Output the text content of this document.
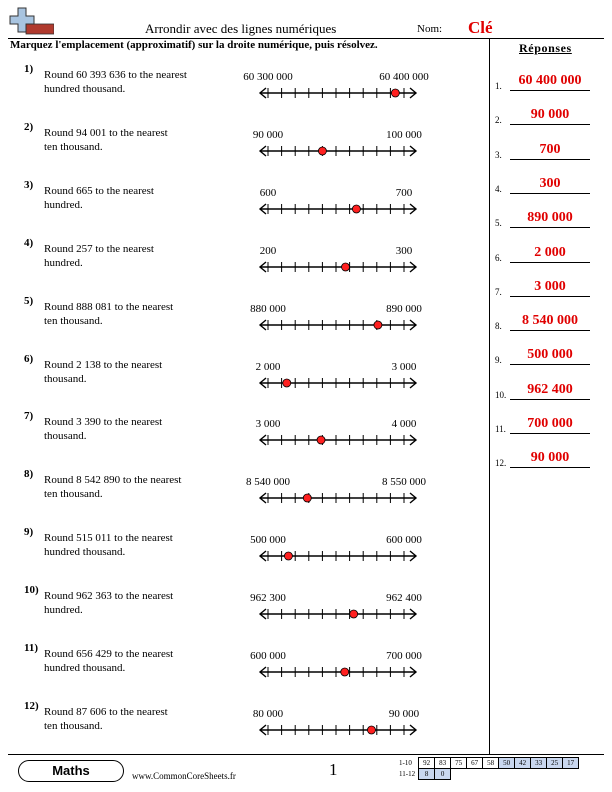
Arrondir avec des lignes numériques	Nom: Clé
Marquez l'emplacement (approximatif) sur la droite numérique, puis résolvez.	Réponses
1) Round 60 393 636 to the nearest
hundred thousand.
60 300 000	60 400 000
2) Round 94 001 to the nearest
ten thousand.
90 000	100 000
3) Round 665 to the nearest
hundred.
600	700
4) Round 257 to the nearest
hundred.
200	300
5) Round 888 081 to the nearest
ten thousand.
880 000	890 000
6) Round 2 138 to the nearest
thousand.
2 000	3 000
7) Round 3 390 to the nearest
thousand.
3 000	4 000
8) Round 8 542 890 to the nearest
ten thousand.
8 540 000	8 550 000
9) Round 515 011 to the nearest
hundred thousand.
500 000	600 000
10) Round 962 363 to the nearest
hundred.
962 300	962 400
11) Round 656 429 to the nearest
hundred thousand.
600 000	700 000
12) Round 87 606 to the nearest
ten thousand.
80 000	90 000
1.	60 400 000
2.	90 000
3.	700
4.	300
5.	890 000
6.	2 000
7.	3 000
8.	8 540 000
9.	500 000
10.	962 400
11.	700 000
12.	90 000
Maths	www.CommonCoreSheets.fr	1	1-10	92	83	75	67	58	50	42	33	25	17
11-12	8	0								
